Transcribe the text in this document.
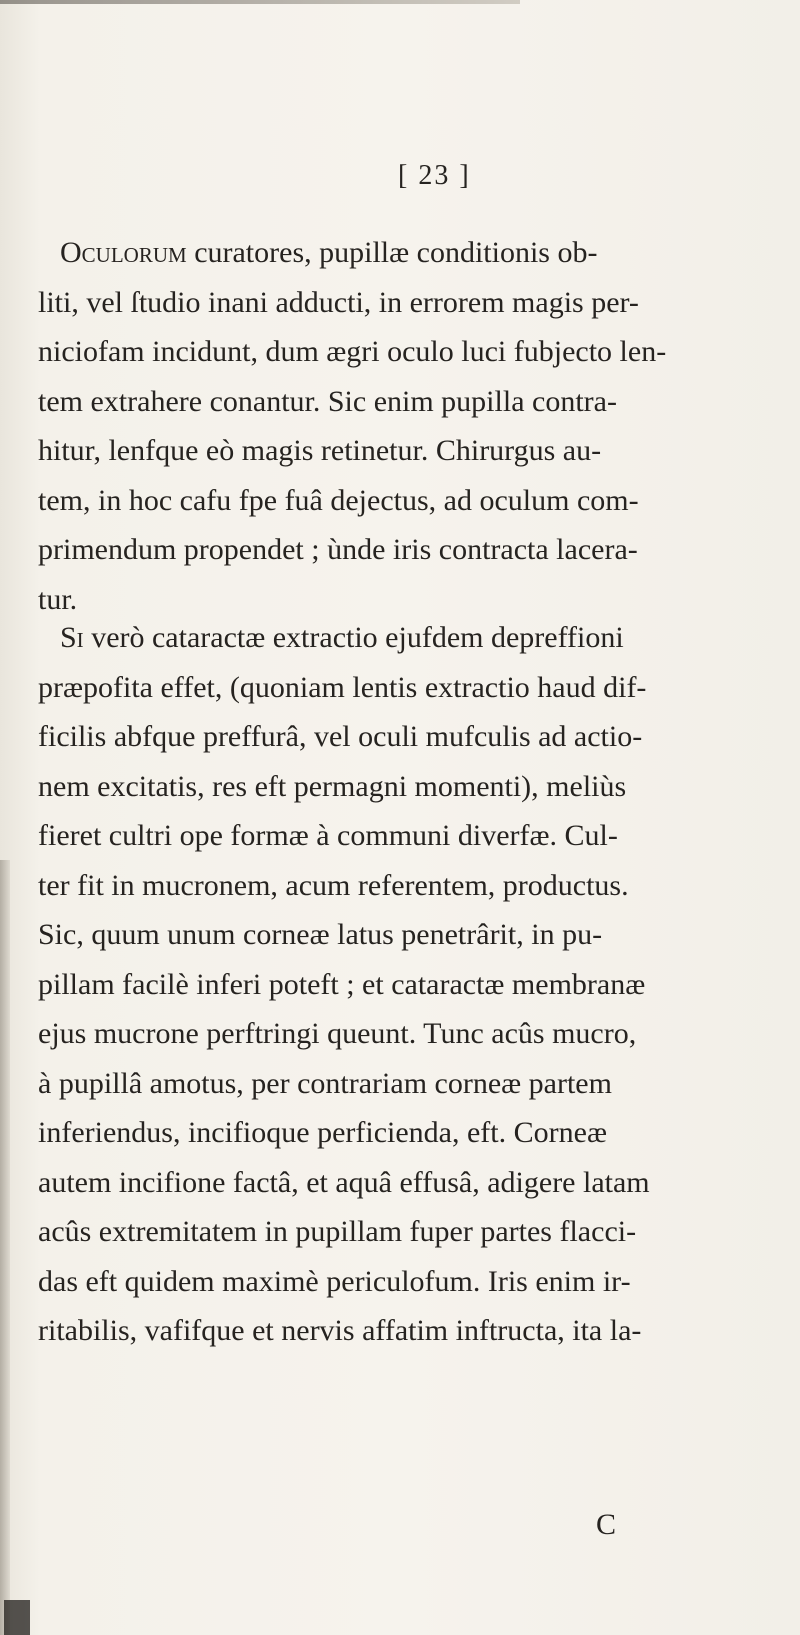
[ 23 ]
Oculorum curatores, pupillæ conditionis ob-
liti, vel ſtudio inani adducti, in errorem magis per-
niciofam incidunt, dum ægri oculo luci fubjecto len-
tem extrahere conantur. Sic enim pupilla contra-
hitur, lenfque eò magis retinetur. Chirurgus au-
tem, in hoc cafu fpe fuâ dejectus, ad oculum com-
primendum propendet ; ùnde iris contracta lacera-
tur.
Si verò cataractæ extractio ejufdem depreffioni
præpofita effet, (quoniam lentis extractio haud dif-
ficilis abfque preffurâ, vel oculi mufculis ad actio-
nem excitatis, res eft permagni momenti), meliùs
fieret cultri ope formæ à communi diverfæ. Cul-
ter fit in mucronem, acum referentem, productus.
Sic, quum unum corneæ latus penetrârit, in pu-
pillam facilè inferi poteft ; et cataractæ membranæ
ejus mucrone perftringi queunt. Tunc acûs mucro,
à pupillâ amotus, per contrariam corneæ partem
inferiendus, incifioque perficienda, eft. Corneæ
autem incifione factâ, et aquâ effusâ, adigere latam
acûs extremitatem in pupillam fuper partes flacci-
das eft quidem maximè periculofum. Iris enim ir-
ritabilis, vafifque et nervis affatim inftructa, ita la-
C
